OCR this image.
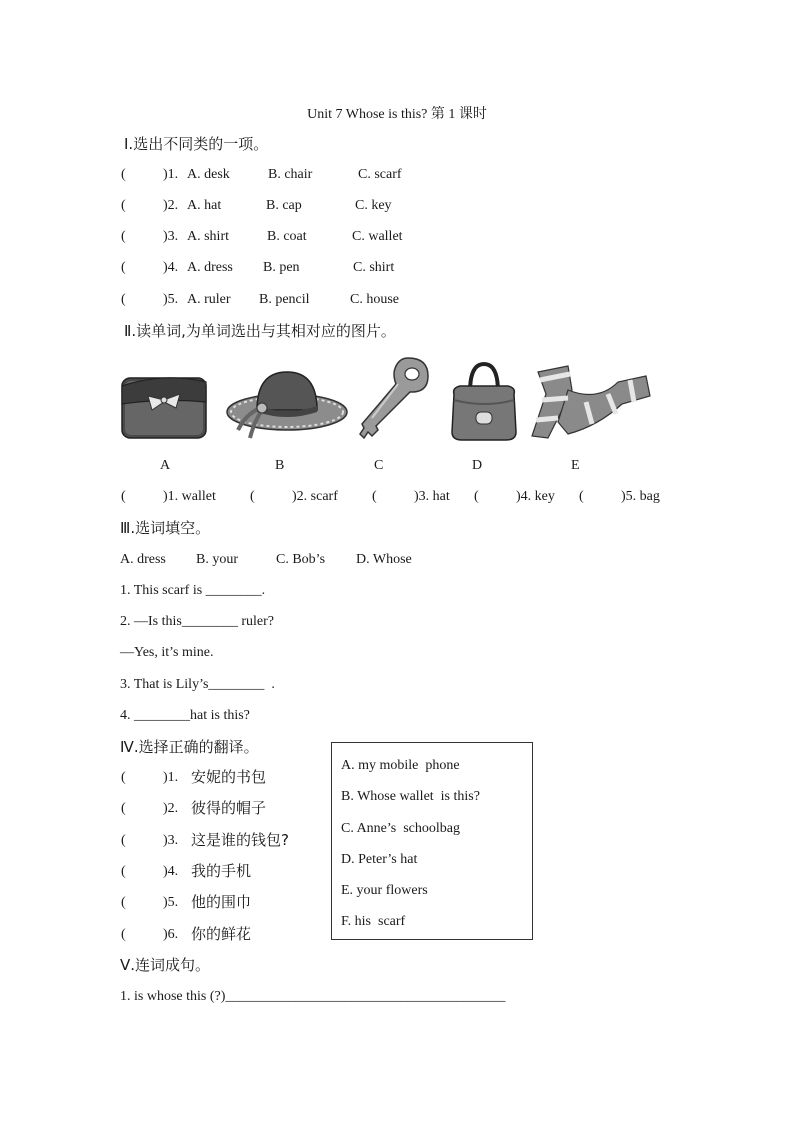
Unit 7 Whose is this? 第 1 课时
Ⅰ.选出不同类的一项。
(	)1. A. desk	B. chair	C. scarf
(	)2. A. hat	B. cap	C. key
(	)3. A. shirt	B. coat	C. wallet
(	)4. A. dress B. pen	C. shirt
(	)5. A. ruler B. pencil	C. house
Ⅱ.读单词,为单词选出与其相对应的图片。
A	B	C	D	E
(	)1. wallet (	)2. scarf (	)3. hat (	)4. key (	)5. bag
Ⅲ.选词填空。
A. dress B. your	C. Bob’s D. Whose
1. This scarf is ________.
2. —Is this________ ruler?
—Yes, it’s mine.
3. That is Lily’s________  .
4. ________hat is this?
Ⅳ.选择正确的翻译。
(	)1. 安妮的书包
(	)2. 彼得的帽子
(	)3. 这是谁的钱包?
(	)4. 我的手机
(	)5. 他的围巾
(	)6. 你的鲜花
A. my mobile  phone
B. Whose wallet  is this?
C. Anne’s  schoolbag
D. Peter’s hat
E. your flowers
F. his  scarf
Ⅴ.连词成句。
1. is whose this (?)________________________________________
